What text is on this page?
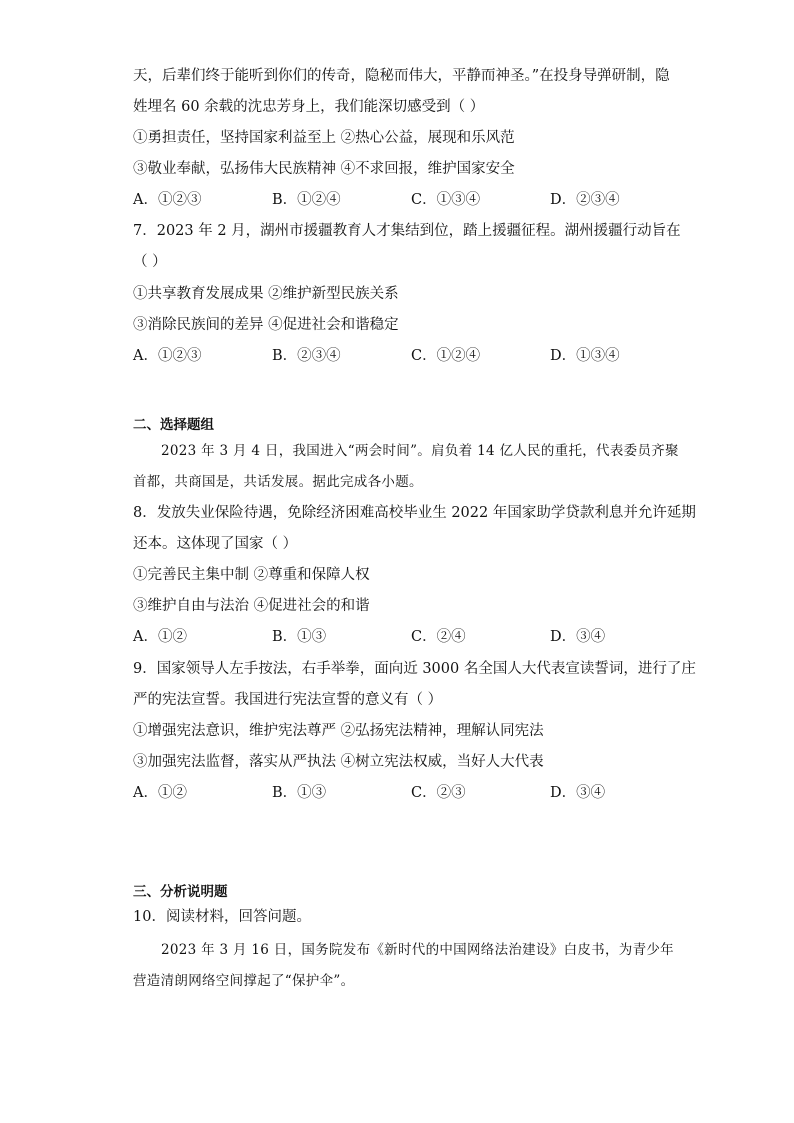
天，后辈们终于能听到你们的传奇，隐秘而伟大，平静而神圣。”在投身导弹研制，隐
姓埋名 60 余载的沈忠芳身上，我们能深切感受到（ ）
①勇担责任，坚持国家利益至上 ②热心公益，展现和乐风范
③敬业奉献，弘扬伟大民族精神 ④不求回报，维护国家安全
A．①②③	B．①②④	C．①③④	D．②③④
7．2023 年 2 月，湖州市援疆教育人才集结到位，踏上援疆征程。湖州援疆行动旨在
（ ）
①共享教育发展成果 ②维护新型民族关系
③消除民族间的差异 ④促进社会和谐稳定
A．①②③	B．②③④	C．①②④	D．①③④
二、选择题组
2023 年 3 月 4 日，我国进入“两会时间”。肩负着 14 亿人民的重托，代表委员齐聚
首都，共商国是，共话发展。据此完成各小题。
8．发放失业保险待遇，免除经济困难高校毕业生 2022 年国家助学贷款利息并允许延期
还本。这体现了国家（ ）
①完善民主集中制 ②尊重和保障人权
③维护自由与法治 ④促进社会的和谐
A．①②	B．①③	C．②④	D．③④
9．国家领导人左手按法，右手举拳，面向近 3000 名全国人大代表宣读誓词，进行了庄
严的宪法宣誓。我国进行宪法宣誓的意义有（ ）
①增强宪法意识，维护宪法尊严 ②弘扬宪法精神，理解认同宪法
③加强宪法监督，落实从严执法 ④树立宪法权威，当好人大代表
A．①②	B．①③	C．②③	D．③④
三、分析说明题
10．阅读材料，回答问题。
2023 年 3 月 16 日，国务院发布《新时代的中国网络法治建设》白皮书，为青少年
营造清朗网络空间撑起了“保护伞”。
